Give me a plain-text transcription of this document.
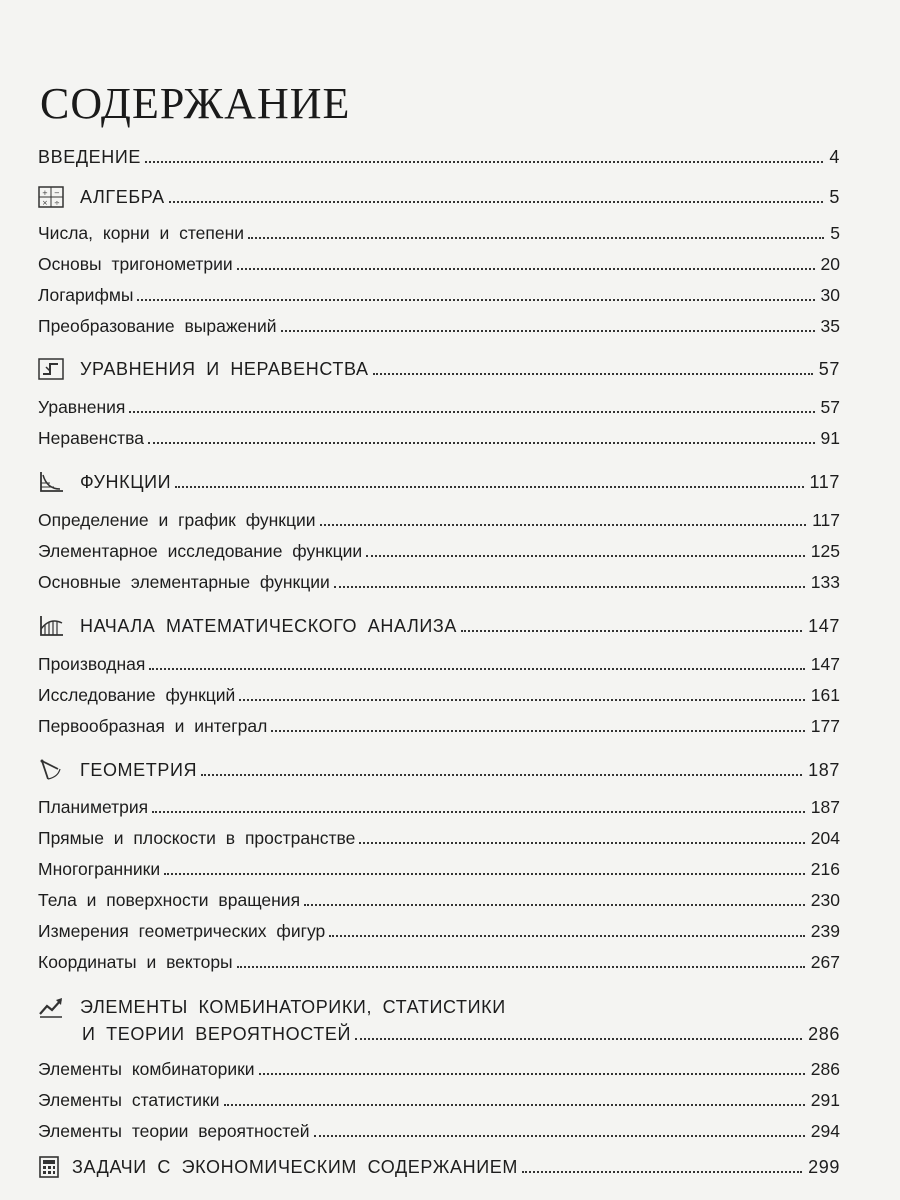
СОДЕРЖАНИЕ
ВВЕДЕНИЕ	4
+ −
× ÷ АЛГЕБРА	5
Числа, корни и степени	5
Основы тригонометрии	20
Логарифмы	30
Преобразование выражений	35
УРАВНЕНИЯ И НЕРАВЕНСТВА	57
Уравнения	57
Неравенства	91
ФУНКЦИИ	117
Определение и график функции	117
Элементарное исследование функции	125
Основные элементарные функции	133
НАЧАЛА МАТЕМАТИЧЕСКОГО АНАЛИЗА	147
Производная	147
Исследование функций	161
Первообразная и интеграл	177
ГЕОМЕТРИЯ	187
Планиметрия	187
Прямые и плоскости в пространстве	204
Многогранники	216
Тела и поверхности вращения	230
Измерения геометрических фигур	239
Координаты и векторы	267
ЭЛЕМЕНТЫ КОМБИНАТОРИКИ, СТАТИСТИКИ
И ТЕОРИИ ВЕРОЯТНОСТЕЙ	286
Элементы комбинаторики	286
Элементы статистики	291
Элементы теории вероятностей	294
ЗАДАЧИ С ЭКОНОМИЧЕСКИМ СОДЕРЖАНИЕМ	299
